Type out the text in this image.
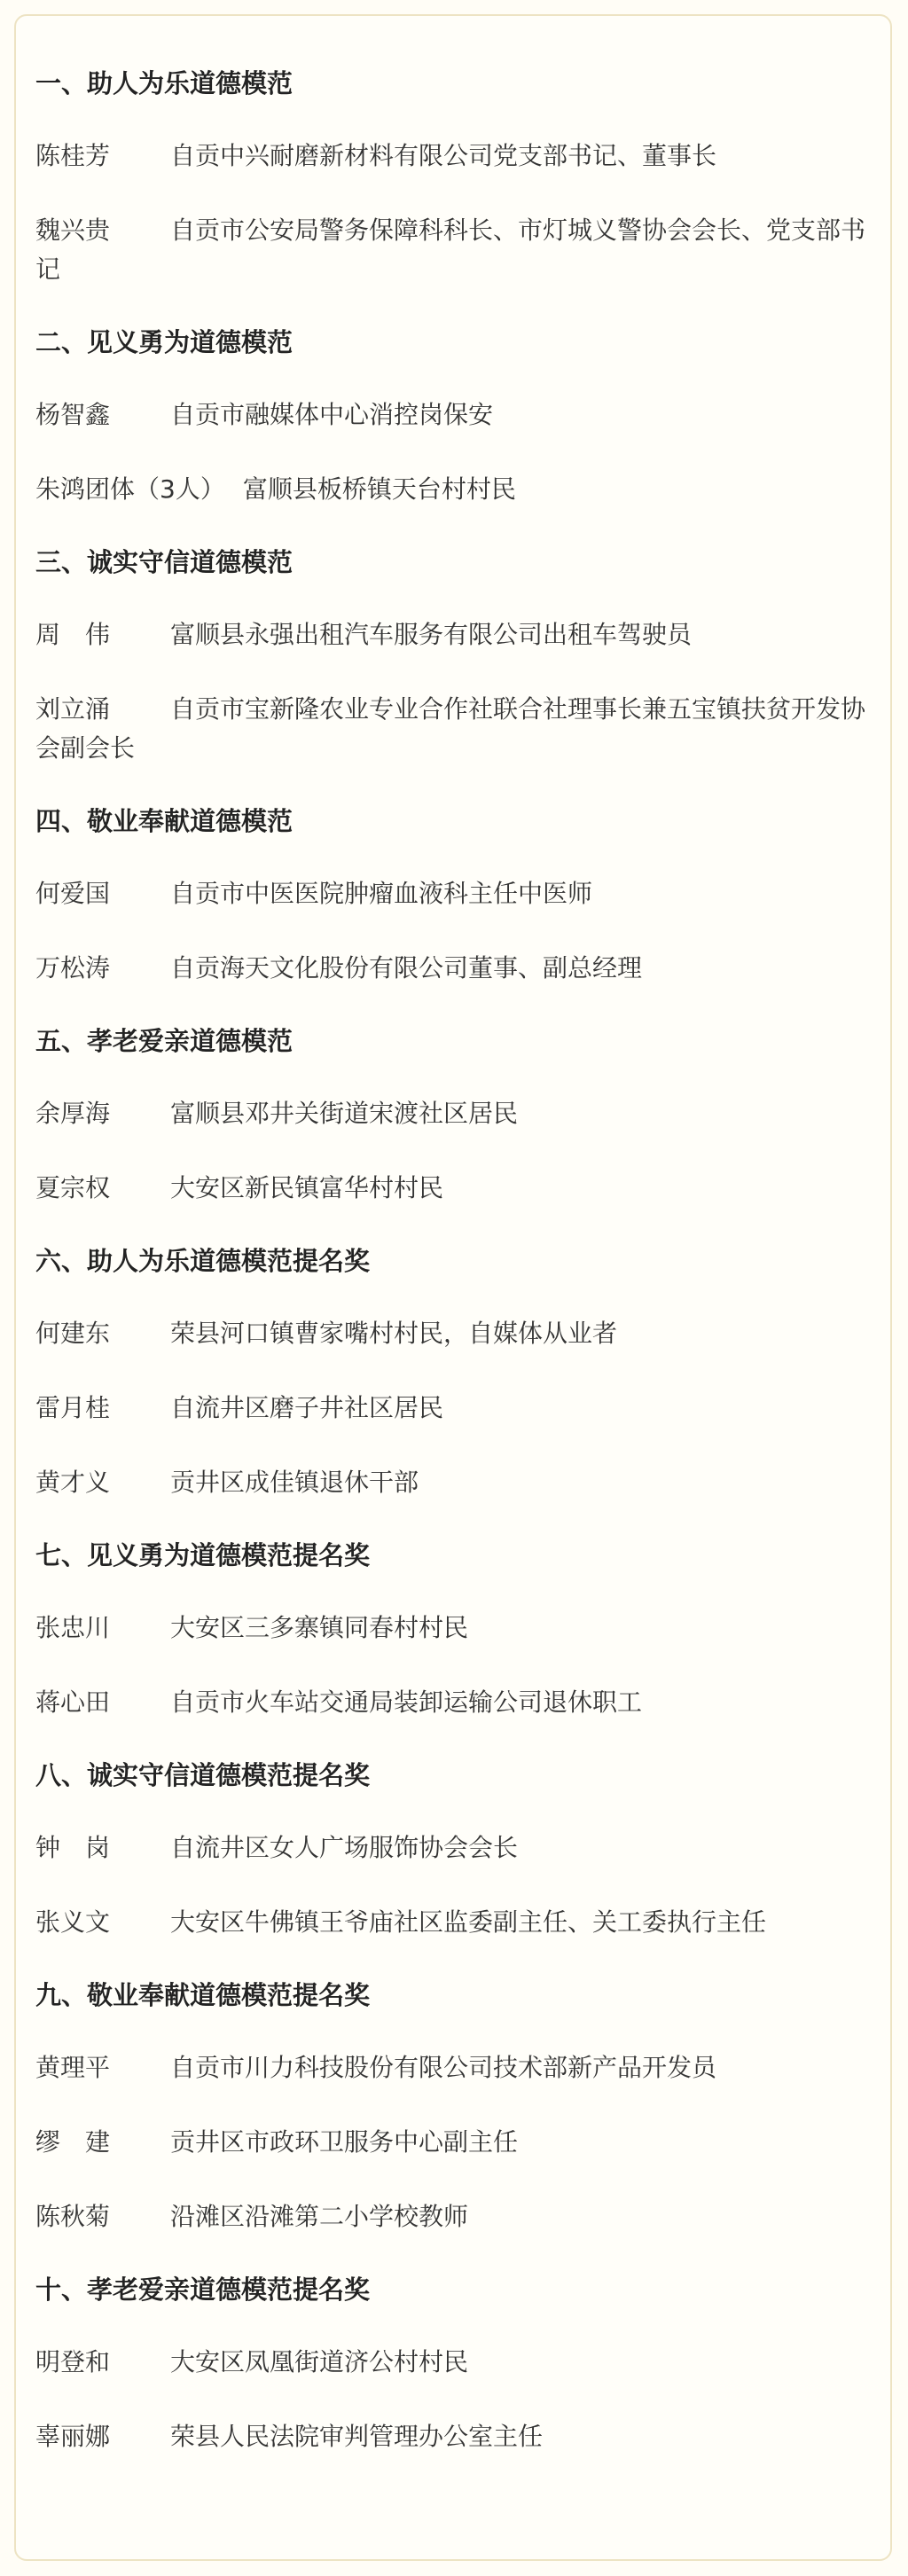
一、助人为乐道德模范
陈桂芳	自贡中兴耐磨新材料有限公司党支部书记、董事长
魏兴贵 自贡市公安局警务保障科科长、市灯城义警协会会长、党支部书记
二、见义勇为道德模范
杨智鑫	自贡市融媒体中心消控岗保安
朱鸿团体（3人） 富顺县板桥镇天台村村民
三、诚实守信道德模范
周　伟	富顺县永强出租汽车服务有限公司出租车驾驶员
刘立涌 自贡市宝新隆农业专业合作社联合社理事长兼五宝镇扶贫开发协会副会长
四、敬业奉献道德模范
何爱国	自贡市中医医院肿瘤血液科主任中医师
万松涛	自贡海天文化股份有限公司董事、副总经理
五、孝老爱亲道德模范
余厚海	富顺县邓井关街道宋渡社区居民
夏宗权	大安区新民镇富华村村民
六、助人为乐道德模范提名奖
何建东	荣县河口镇曹家嘴村村民，自媒体从业者
雷月桂	自流井区磨子井社区居民
黄才义	贡井区成佳镇退休干部
七、见义勇为道德模范提名奖
张忠川	大安区三多寨镇同春村村民
蒋心田	自贡市火车站交通局装卸运输公司退休职工
八、诚实守信道德模范提名奖
钟　岗	自流井区女人广场服饰协会会长
张义文	大安区牛佛镇王爷庙社区监委副主任、关工委执行主任
九、敬业奉献道德模范提名奖
黄理平	自贡市川力科技股份有限公司技术部新产品开发员
缪　建	贡井区市政环卫服务中心副主任
陈秋菊	沿滩区沿滩第二小学校教师
十、孝老爱亲道德模范提名奖
明登和	大安区凤凰街道济公村村民
辜丽娜	荣县人民法院审判管理办公室主任
